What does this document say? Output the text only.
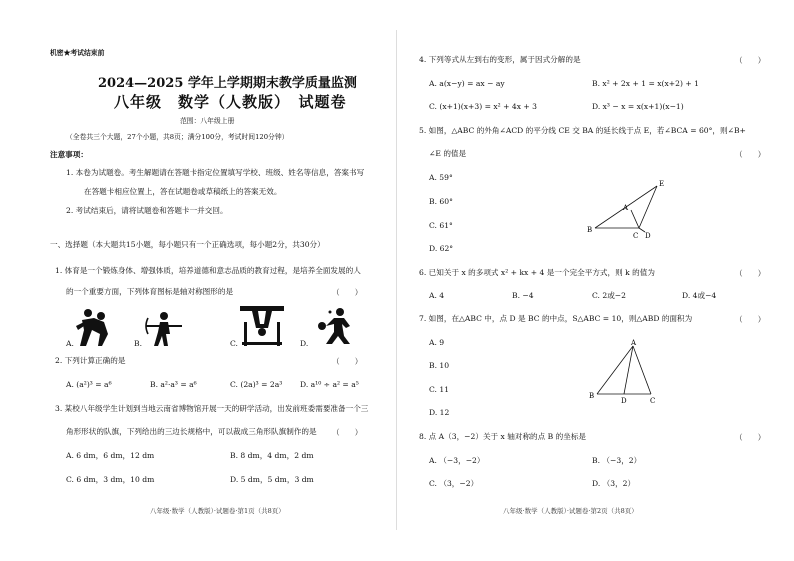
机密★考试结束前
2024—2025 学年上学期期末教学质量监测
八年级　数学（人教版）　试题卷
范围：八年级上册
（全卷共三个大题，27个小题，共8页；满分100分，考试时间120分钟）
注意事项：
1. 本卷为试题卷。考生解题请在答题卡指定位置填写学校、班级、姓名等信息，答案书写
在答题卡相应位置上，答在试题卷或草稿纸上的答案无效。
2. 考试结束后，请将试题卷和答题卡一并交回。
一、选择题（本大题共15小题，每小题只有一个正确选项，每小题2分，共30分）
1. 体育是一个锻炼身体、增强体质，培养道德和意志品质的教育过程，是培养全面发展的人
的一个重要方面，下列体育图标是轴对称图形的是	（　　）
A.	B.	C.	D.
2. 下列计算正确的是	（　　）
A. (a²)³ = a⁶	B. a²·a³ = a⁶	C. (2a)³ = 2a³ D. a¹⁰ ÷ a² = a⁵
3. 某校八年级学生计划到当地云南省博物馆开展一天的研学活动，出发前班委需要准备一个三
角形形状的队旗，下列给出的三边长规格中，可以裁成三角形队旗制作的是 （　　）
A. 6 dm，6 dm，12 dm	B. 8 dm，4 dm，2 dm
C. 6 dm，3 dm，10 dm	D. 5 dm，5 dm，3 dm
八年级·数学（人教版）·试题卷·第1页（共8页）
4. 下列等式从左到右的变形，属于因式分解的是	（　　）
A. a(x−y) = ax − ay	B. x² + 2x + 1 = x(x+2) + 1
C. (x+1)(x+3) = x² + 4x + 3	D. x³ − x = x(x+1)(x−1)
5. 如图，△ABC 的外角∠ACD 的平分线 CE 交 BA 的延长线于点 E，若∠BCA = 60°，则∠B+
∠E 的值是	（　　）
A. 59°
B. 60°
C. 61°
D. 62°
E
A
B
C D
6. 已知关于 x 的多项式 x² + kx + 4 是一个完全平方式，则 k 的值为	（　　）
A. 4	B. −4	C. 2或−2	D. 4或−4
7. 如图，在△ABC 中，点 D 是 BC 的中点，S△ABC = 10，则△ABD 的面积为	（　　）
A. 9
B. 10
C. 11
D. 12
A
B
D	C
8. 点 A（3，−2）关于 x 轴对称的点 B 的坐标是	（　　）
A. （−3，−2）	B. （−3，2）
C. （3，−2）	D. （3，2）
八年级·数学（人教版）·试题卷·第2页（共8页）
